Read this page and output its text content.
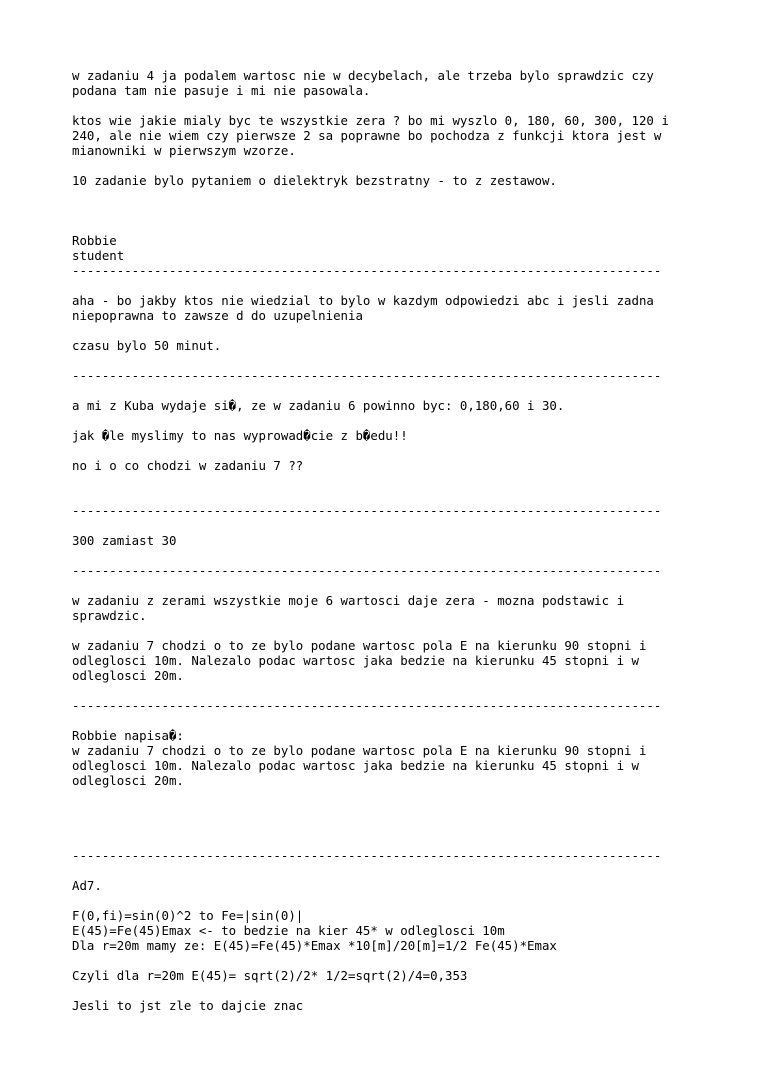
w zadaniu 4 ja podalem wartosc nie w decybelach, ale trzeba bylo sprawdzic czy
podana tam nie pasuje i mi nie pasowala.
ktos wie jakie mialy byc te wszystkie zera ? bo mi wyszlo 0, 180, 60, 300, 120 i
240, ale nie wiem czy pierwsze 2 sa poprawne bo pochodza z funkcji ktora jest w
mianowniki w pierwszym wzorze.
10 zadanie bylo pytaniem o dielektryk bezstratny - to z zestawow.
Robbie
student
-------------------------------------------------------------------------------
aha - bo jakby ktos nie wiedzial to bylo w kazdym odpowiedzi abc i jesli zadna
niepoprawna to zawsze d do uzupelnienia
czasu bylo 50 minut.
-------------------------------------------------------------------------------
a mi z Kuba wydaje si�, ze w zadaniu 6 powinno byc: 0,180,60 i 30.
jak �le myslimy to nas wyprowad�cie z b�edu!!
no i o co chodzi w zadaniu 7 ??
-------------------------------------------------------------------------------
300 zamiast 30
-------------------------------------------------------------------------------
w zadaniu z zerami wszystkie moje 6 wartosci daje zera - mozna podstawic i
sprawdzic.
w zadaniu 7 chodzi o to ze bylo podane wartosc pola E na kierunku 90 stopni i
odleglosci 10m. Nalezalo podac wartosc jaka bedzie na kierunku 45 stopni i w
odleglosci 20m.
-------------------------------------------------------------------------------
Robbie napisa�:
w zadaniu 7 chodzi o to ze bylo podane wartosc pola E na kierunku 90 stopni i
odleglosci 10m. Nalezalo podac wartosc jaka bedzie na kierunku 45 stopni i w
odleglosci 20m.
-------------------------------------------------------------------------------
Ad7.
F(0,fi)=sin(0)^2 to Fe=|sin(0)|
E(45)=Fe(45)Emax <- to bedzie na kier 45* w odleglosci 10m
Dla r=20m mamy ze: E(45)=Fe(45)*Emax *10[m]/20[m]=1/2 Fe(45)*Emax
Czyli dla r=20m E(45)= sqrt(2)/2* 1/2=sqrt(2)/4=0,353
Jesli to jst zle to dajcie znac
